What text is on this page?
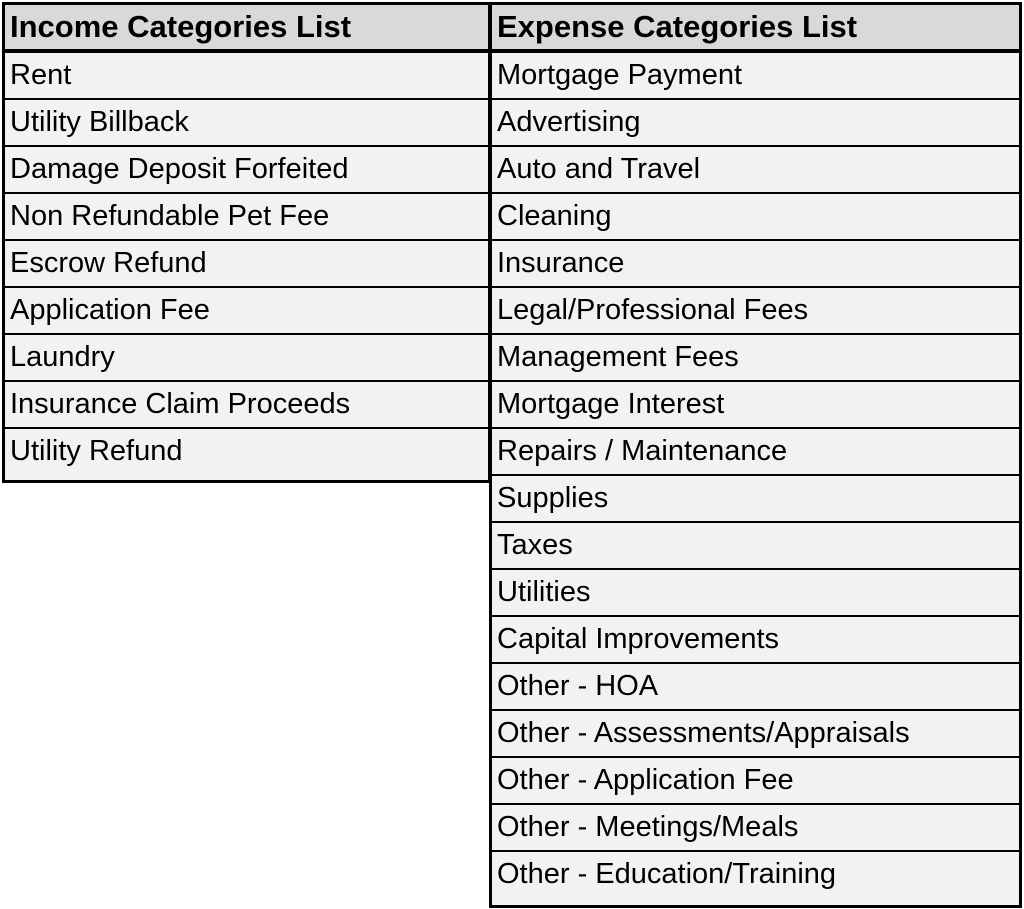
Income Categories List
Rent
Utility Billback
Damage Deposit Forfeited
Non Refundable Pet Fee
Escrow Refund
Application Fee
Laundry
Insurance Claim Proceeds
Utility Refund
Expense Categories List
Mortgage Payment
Advertising
Auto and Travel
Cleaning
Insurance
Legal/Professional Fees
Management Fees
Mortgage Interest
Repairs / Maintenance
Supplies
Taxes
Utilities
Capital Improvements
Other - HOA
Other - Assessments/Appraisals
Other - Application Fee
Other - Meetings/Meals
Other - Education/Training
